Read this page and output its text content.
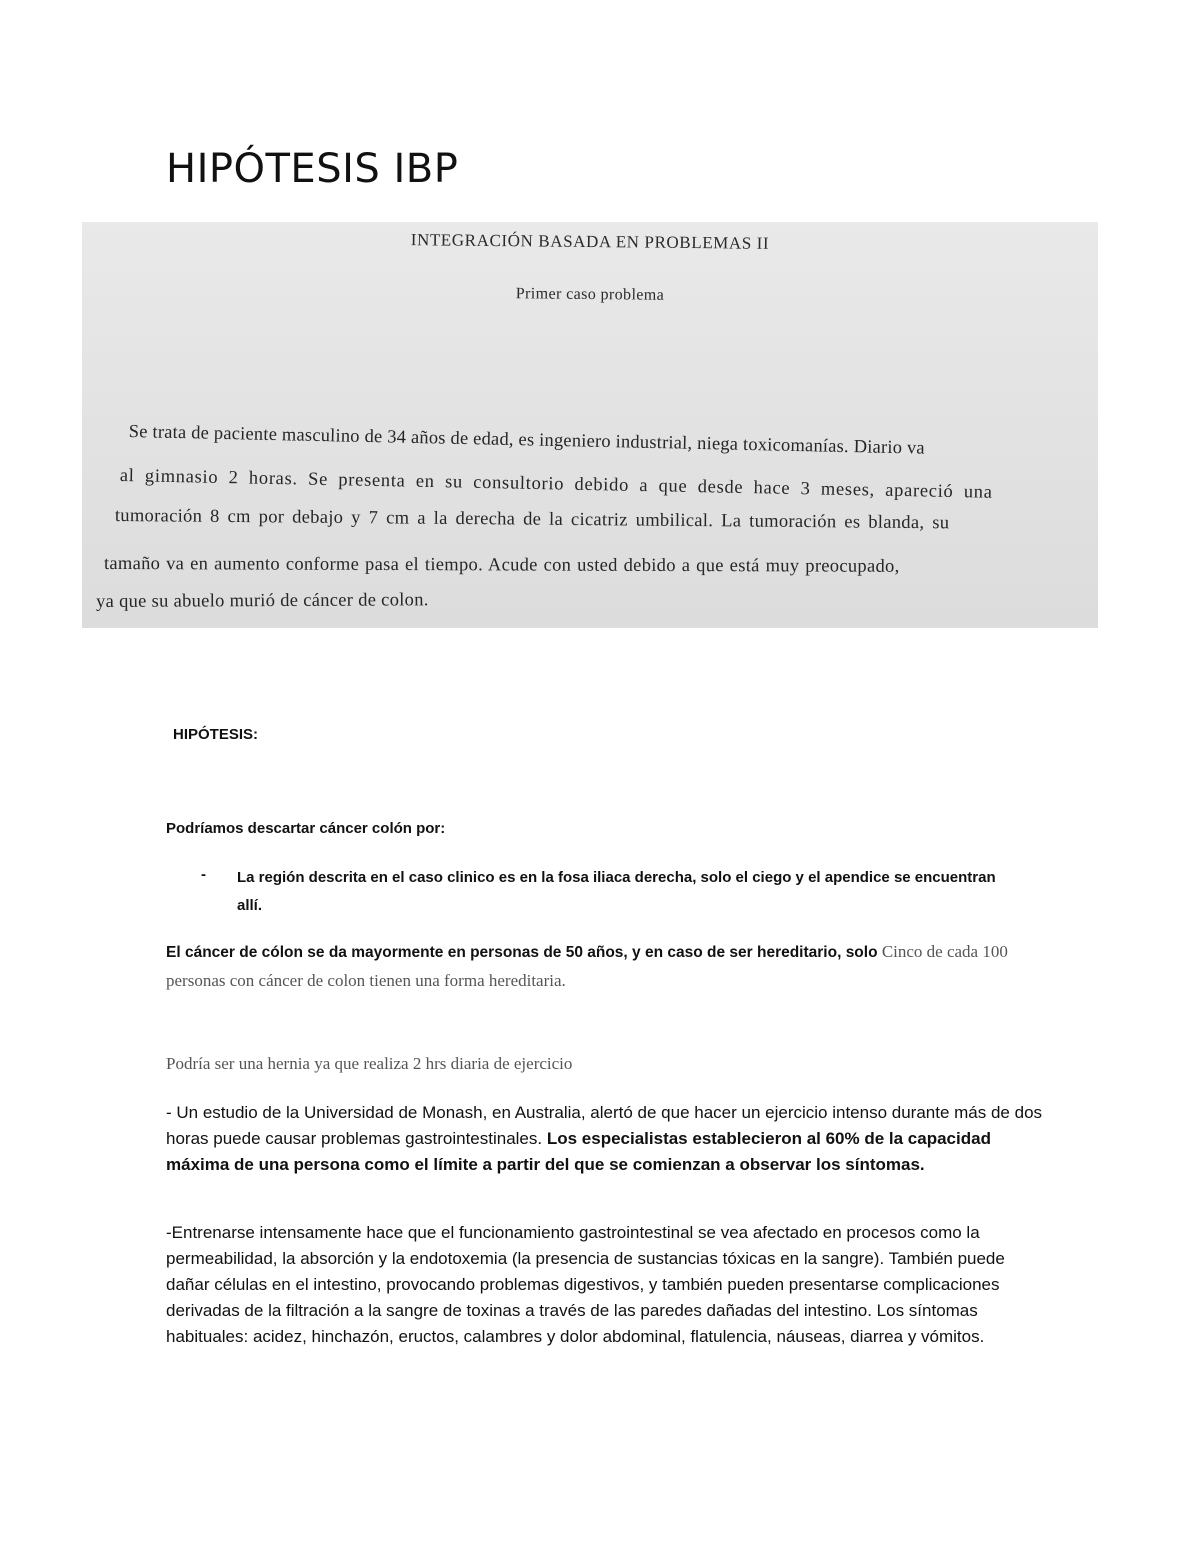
HIPÓTESIS IBP
INTEGRACIÓN BASADA EN PROBLEMAS II
Primer caso problema
Se trata de paciente masculino de 34 años de edad, es ingeniero industrial, niega toxicomanías. Diario va
al gimnasio 2 horas. Se presenta en su consultorio debido a que desde hace 3 meses, apareció una
tumoración 8 cm por debajo y 7 cm a la derecha de la cicatriz umbilical. La tumoración es blanda, su
tamaño va en aumento conforme pasa el tiempo. Acude con usted debido a que está muy preocupado,
ya que su abuelo murió de cáncer de colon.
HIPÓTESIS:
Podríamos descartar cáncer colón por:
- La región descrita en el caso clinico es en la fosa iliaca derecha, solo el ciego y el apendice se encuentran allí.
El cáncer de cólon se da mayormente en personas de 50 años, y en caso de ser hereditario, solo Cinco de cada 100 personas con cáncer de colon tienen una forma hereditaria.
Podría ser una hernia ya que realiza 2 hrs diaria de ejercicio
- Un estudio de la Universidad de Monash, en Australia, alertó de que hacer un ejercicio intenso durante más de dos horas puede causar problemas gastrointestinales. Los especialistas establecieron al 60% de la capacidad máxima de una persona como el límite a partir del que se comienzan a observar los síntomas.
-Entrenarse intensamente hace que el funcionamiento gastrointestinal se vea afectado en procesos como la permeabilidad, la absorción y la endotoxemia (la presencia de sustancias tóxicas en la sangre). También puede dañar células en el intestino, provocando problemas digestivos, y también pueden presentarse complicaciones derivadas de la filtración a la sangre de toxinas a través de las paredes dañadas del intestino. Los síntomas habituales: acidez, hinchazón, eructos, calambres y dolor abdominal, flatulencia, náuseas, diarrea y vómitos.
